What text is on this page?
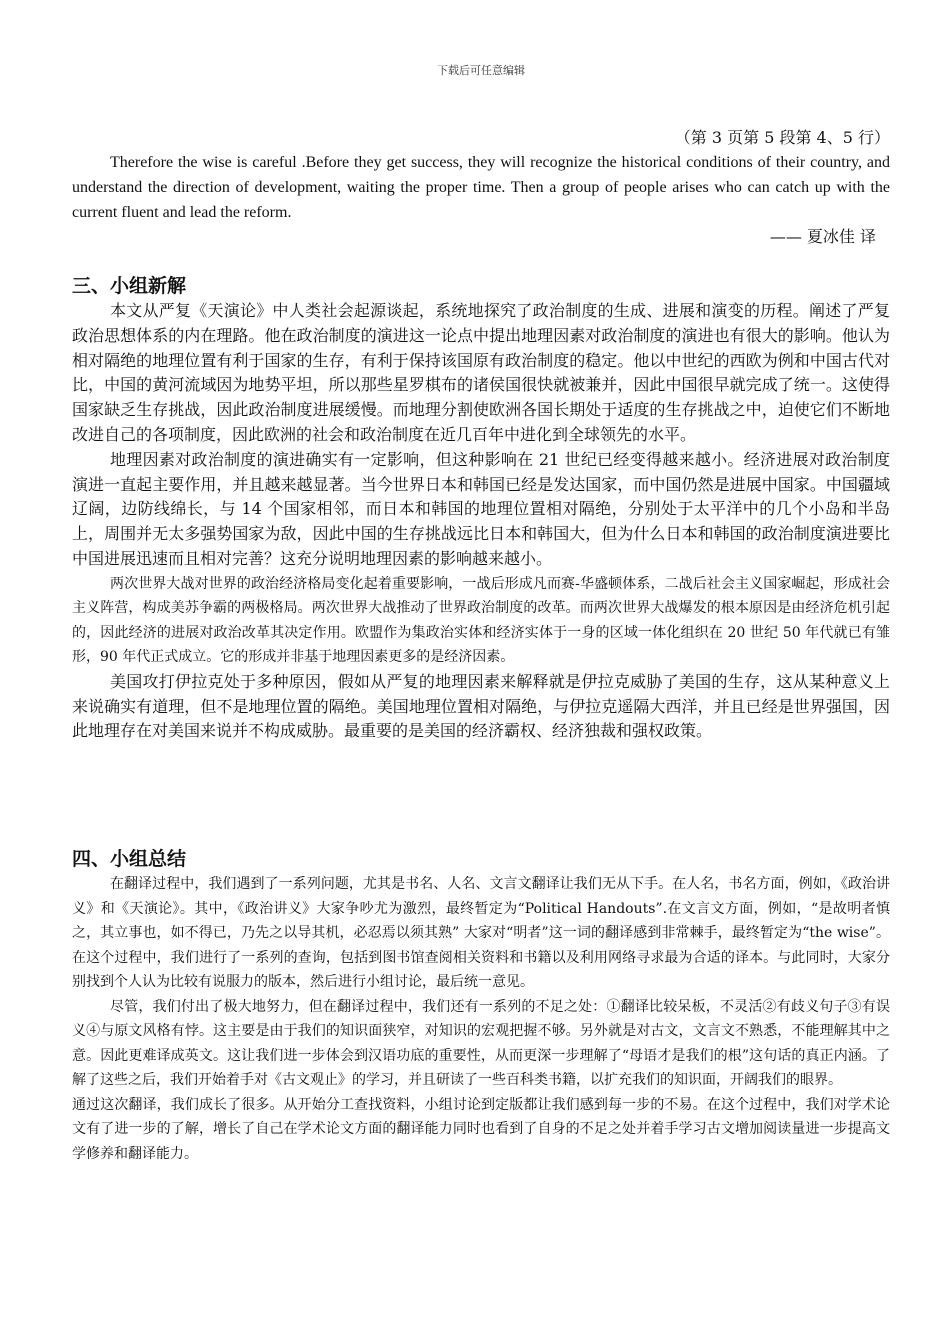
下载后可任意编辑
（第 3 页第 5 段第 4、5 行）

Therefore the wise is careful .Before they get success, they will recognize the historical conditions of their country, and understand the direction of development, waiting the proper time. Then a group of people arises who can catch up with the current fluent and lead the reform.

—— 夏冰佳 译
三、小组新解

本文从严复《天演论》中人类社会起源谈起，系统地探究了政治制度的生成、进展和演变的历程。阐述了严复政治思想体系的内在理路。他在政治制度的演进这一论点中提出地理因素对政治制度的演进也有很大的影响。他认为相对隔绝的地理位置有利于国家的生存，有利于保持该国原有政治制度的稳定。他以中世纪的西欧为例和中国古代对比，中国的黄河流域因为地势平坦，所以那些星罗棋布的诸侯国很快就被兼并，因此中国很早就完成了统一。这使得国家缺乏生存挑战，因此政治制度进展缓慢。而地理分割使欧洲各国长期处于适度的生存挑战之中，迫使它们不断地改进自己的各项制度，因此欧洲的社会和政治制度在近几百年中进化到全球领先的水平。

地理因素对政治制度的演进确实有一定影响，但这种影响在 21 世纪已经变得越来越小。经济进展对政治制度演进一直起主要作用，并且越来越显著。当今世界日本和韩国已经是发达国家，而中国仍然是进展中国家。中国疆域辽阔，边防线绵长，与 14 个国家相邻，而日本和韩国的地理位置相对隔绝，分别处于太平洋中的几个小岛和半岛上，周围并无太多强势国家为敌，因此中国的生存挑战远比日本和韩国大，但为什么日本和韩国的政治制度演进要比中国进展迅速而且相对完善？这充分说明地理因素的影响越来越小。

两次世界大战对世界的政治经济格局变化起着重要影响，一战后形成凡而赛-华盛顿体系，二战后社会主义国家崛起，形成社会主义阵营，构成美苏争霸的两极格局。两次世界大战推动了世界政治制度的改革。而两次世界大战爆发的根本原因是由经济危机引起的，因此经济的进展对政治改革其决定作用。欧盟作为集政治实体和经济实体于一身的区域一体化组织在 20 世纪 50 年代就已有雏形，90 年代正式成立。它的形成并非基于地理因素更多的是经济因素。

美国攻打伊拉克处于多种原因，假如从严复的地理因素来解释就是伊拉克威胁了美国的生存，这从某种意义上来说确实有道理，但不是地理位置的隔绝。美国地理位置相对隔绝，与伊拉克遥隔大西洋，并且已经是世界强国，因此地理存在对美国来说并不构成威胁。最重要的是美国的经济霸权、经济独裁和强权政策。

四、小组总结

在翻译过程中，我们遇到了一系列问题，尤其是书名、人名、文言文翻译让我们无从下手。在人名，书名方面，例如，《政治讲义》和《天演论》。其中，《政治讲义》大家争吵尤为激烈，最终暂定为“Political Handouts”.在文言文方面，例如，“是故明者慎之，其立事也，如不得已，乃先之以导其机，必忍焉以须其熟” 大家对“明者”这一词的翻译感到非常棘手，最终暂定为“the wise”。在这个过程中，我们进行了一系列的查询，包括到图书馆查阅相关资料和书籍以及利用网络寻求最为合适的译本。与此同时，大家分别找到个人认为比较有说服力的版本，然后进行小组讨论，最后统一意见。

尽管，我们付出了极大地努力，但在翻译过程中，我们还有一系列的不足之处：①翻译比较呆板，不灵活②有歧义句子③有误义④与原文风格有悖。这主要是由于我们的知识面狭窄，对知识的宏观把握不够。另外就是对古文，文言文不熟悉，不能理解其中之意。因此更难译成英文。这让我们进一步体会到汉语功底的重要性，从而更深一步理解了“母语才是我们的根”这句话的真正内涵。了解了这些之后，我们开始着手对《古文观止》的学习，并且研读了一些百科类书籍，以扩充我们的知识面，开阔我们的眼界。

通过这次翻译，我们成长了很多。从开始分工查找资料，小组讨论到定版都让我们感到每一步的不易。在这个过程中，我们对学术论文有了进一步的了解，增长了自己在学术论文方面的翻译能力同时也看到了自身的不足之处并着手学习古文增加阅读量进一步提高文学修养和翻译能力。
